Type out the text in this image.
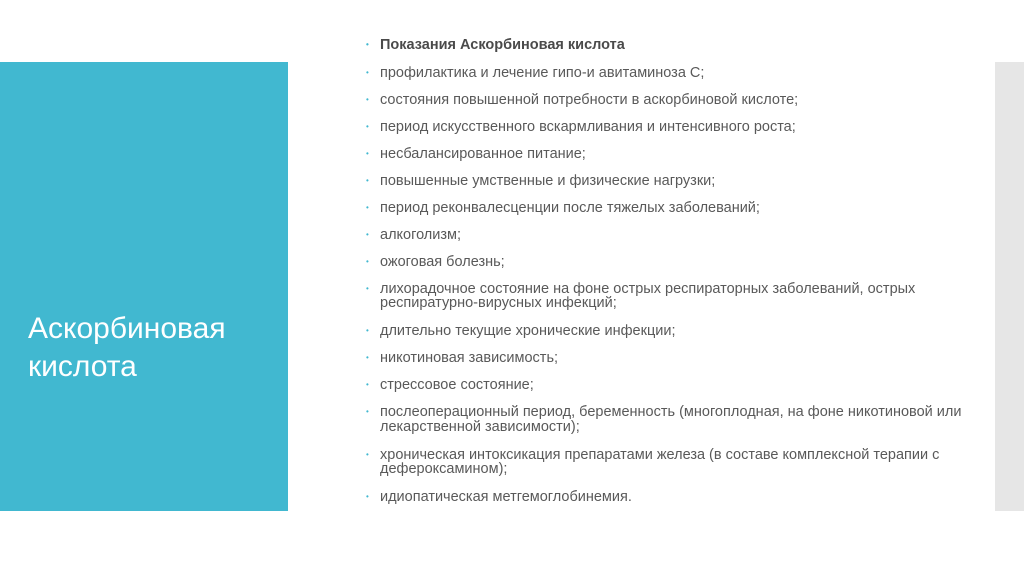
Аскорбиновая кислота
• Показания Аскорбиновая кислота
• профилактика и лечение гипо-и авитаминоза С;
• состояния повышенной потребности в аскорбиновой кислоте;
• период искусственного вскармливания и интенсивного роста;
• несбалансированное питание;
• повышенные умственные и физические нагрузки;
• период реконвалесценции после тяжелых заболеваний;
• алкоголизм;
• ожоговая болезнь;
• лихорадочное состояние на фоне острых респираторных заболеваний, острых респиратурно-вирусных инфекций;
• длительно текущие хронические инфекции;
• никотиновая зависимость;
• стрессовое состояние;
• послеоперационный период, беременность (многоплодная, на фоне никотиновой или лекарственной зависимости);
• хроническая интоксикация препаратами железа (в составе комплексной терапии с дефероксамином);
• идиопатическая метгемоглобинемия.
